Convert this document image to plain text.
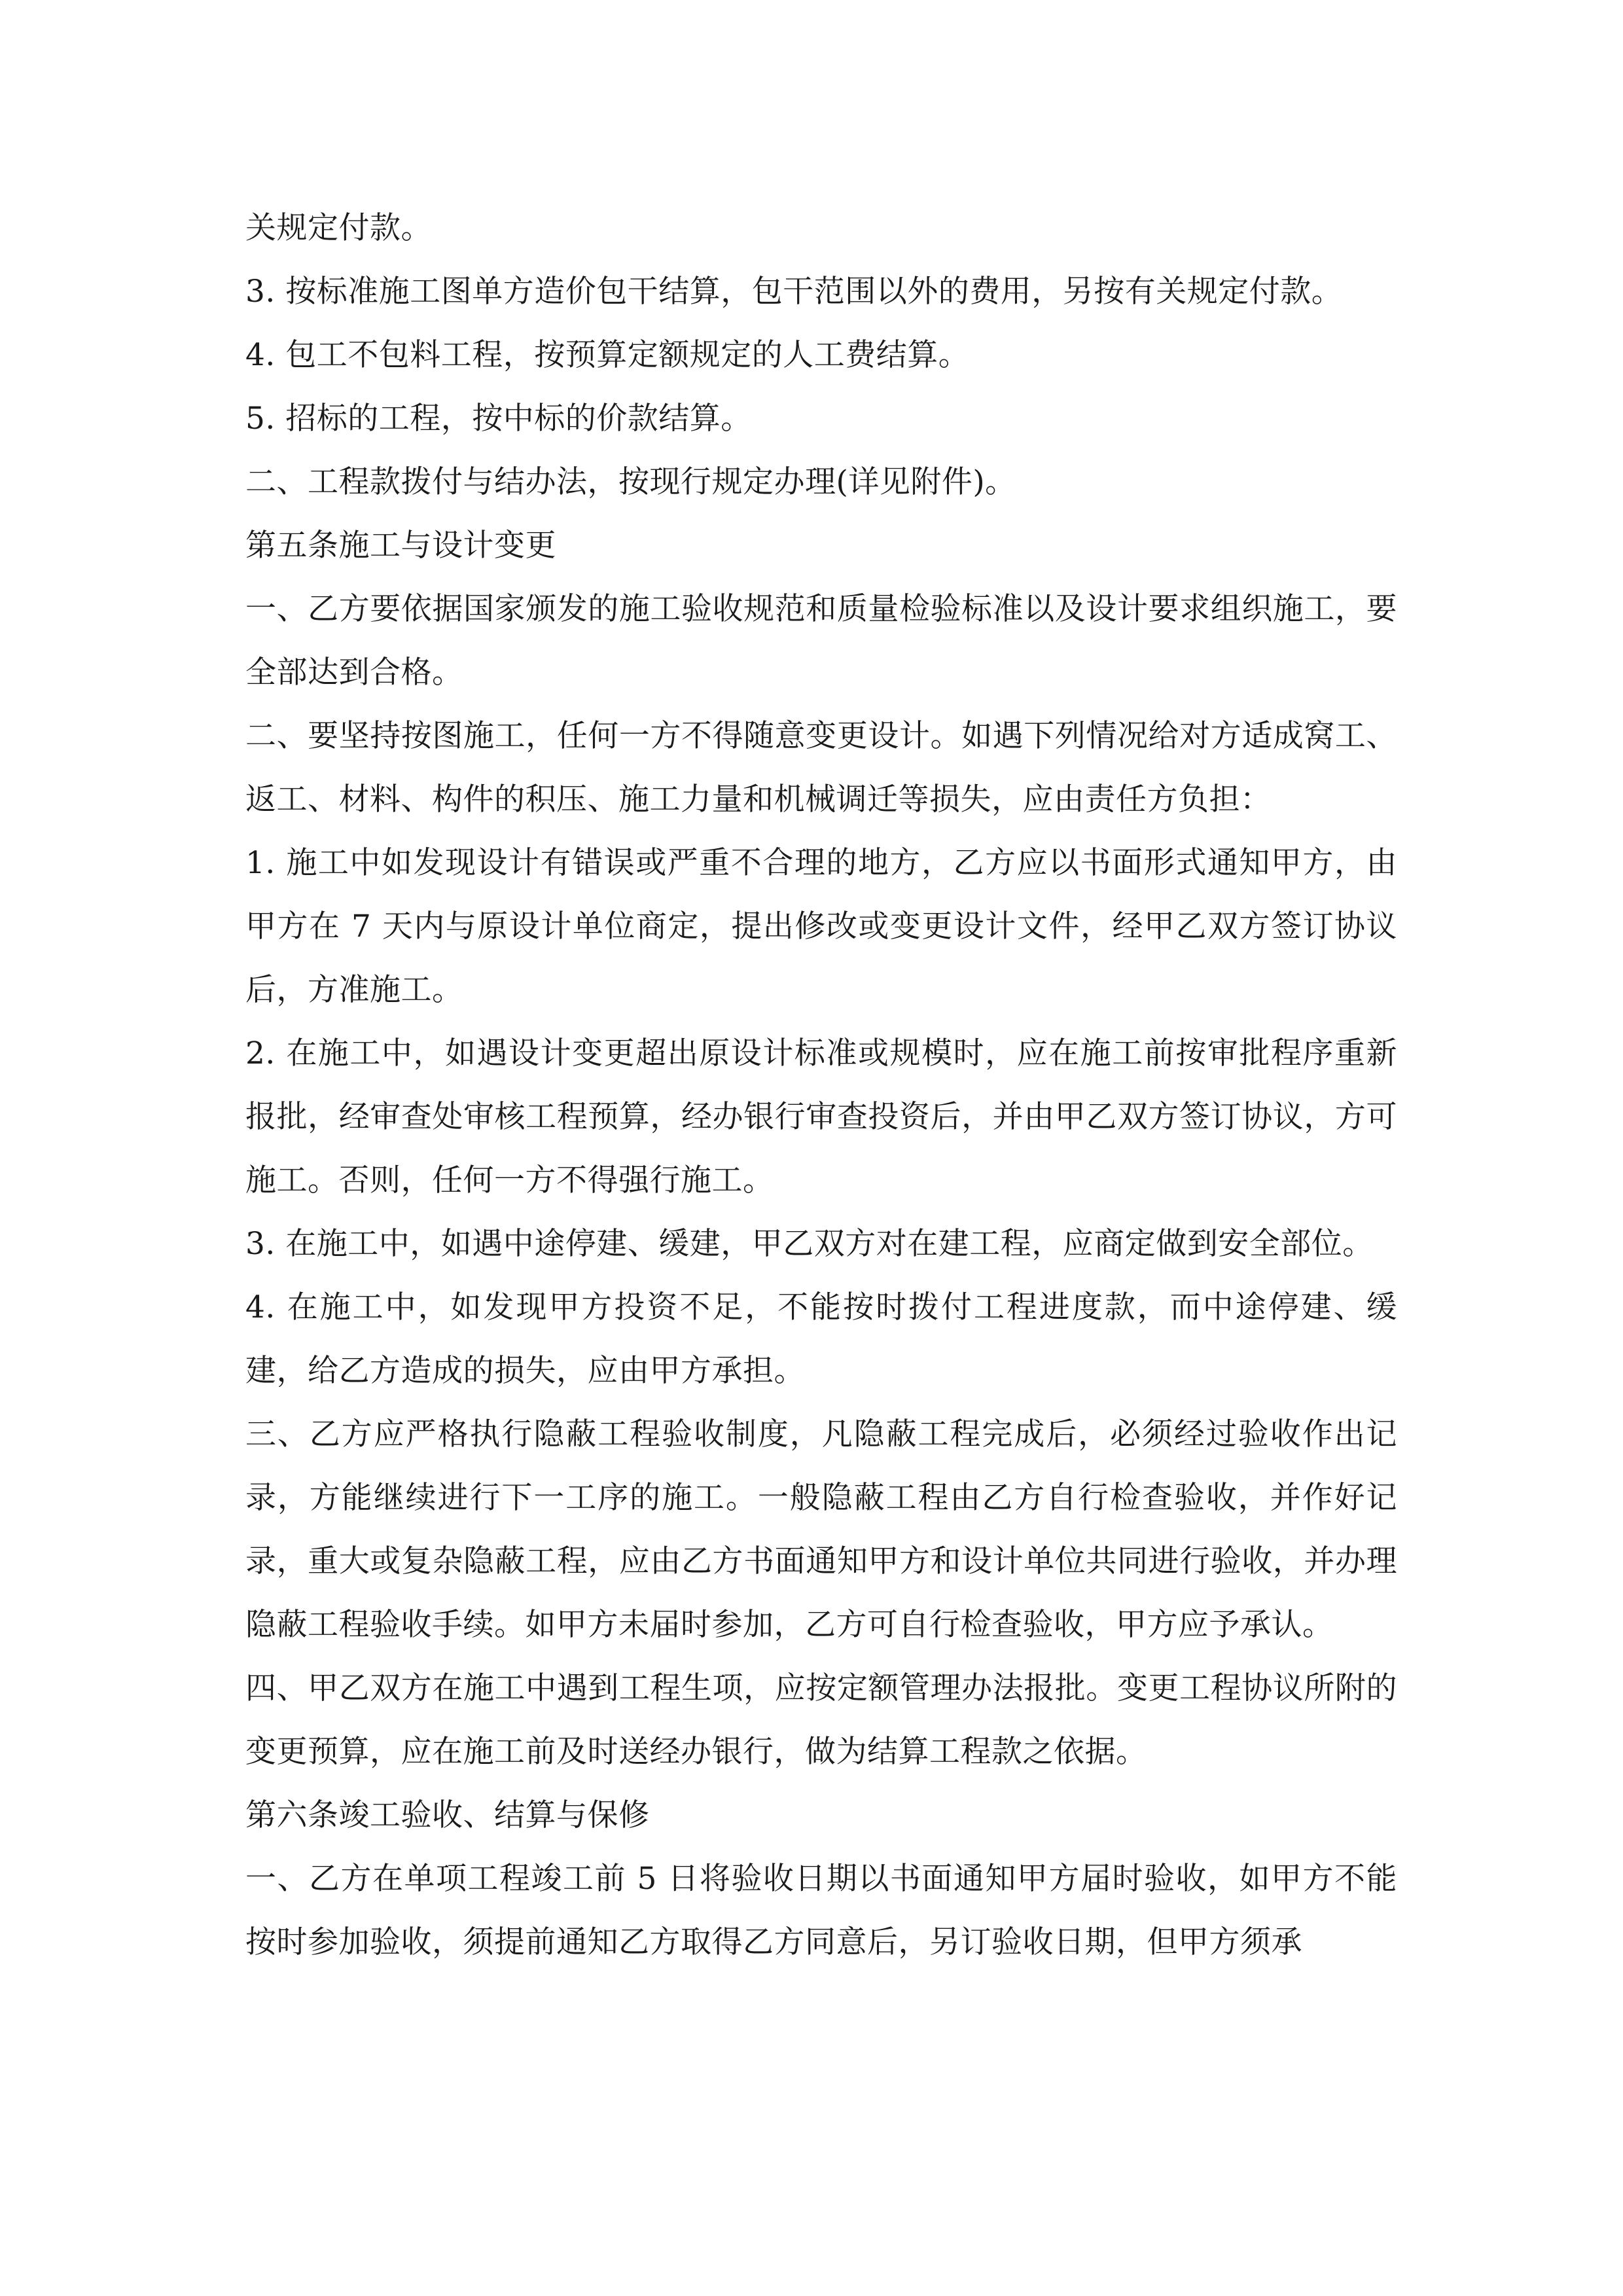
关规定付款。

3. 按标准施工图单方造价包干结算，包干范围以外的费用，另按有关规定付款。

4. 包工不包料工程，按预算定额规定的人工费结算。

5. 招标的工程，按中标的价款结算。

二、工程款拨付与结办法，按现行规定办理(详见附件)。

第五条施工与设计变更

一、乙方要依据国家颁发的施工验收规范和质量检验标准以及设计要求组织施工，要全部达到合格。

二、要坚持按图施工，任何一方不得随意变更设计。如遇下列情况给对方适成窝工、返工、材料、构件的积压、施工力量和机械调迁等损失，应由责任方负担：

1. 施工中如发现设计有错误或严重不合理的地方，乙方应以书面形式通知甲方，由甲方在 7 天内与原设计单位商定，提出修改或变更设计文件，经甲乙双方签订协议后，方准施工。

2. 在施工中，如遇设计变更超出原设计标准或规模时，应在施工前按审批程序重新报批，经审查处审核工程预算，经办银行审查投资后，并由甲乙双方签订协议，方可施工。否则，任何一方不得强行施工。

3. 在施工中，如遇中途停建、缓建，甲乙双方对在建工程，应商定做到安全部位。

4. 在施工中，如发现甲方投资不足，不能按时拨付工程进度款，而中途停建、缓建，给乙方造成的损失，应由甲方承担。

三、乙方应严格执行隐蔽工程验收制度，凡隐蔽工程完成后，必须经过验收作出记录，方能继续进行下一工序的施工。一般隐蔽工程由乙方自行检查验收，并作好记录，重大或复杂隐蔽工程，应由乙方书面通知甲方和设计单位共同进行验收，并办理隐蔽工程验收手续。如甲方未届时参加，乙方可自行检查验收，甲方应予承认。

四、甲乙双方在施工中遇到工程生项，应按定额管理办法报批。变更工程协议所附的变更预算，应在施工前及时送经办银行，做为结算工程款之依据。

第六条竣工验收、结算与保修

一、乙方在单项工程竣工前 5 日将验收日期以书面通知甲方届时验收，如甲方不能按时参加验收，须提前通知乙方取得乙方同意后，另订验收日期，但甲方须承
